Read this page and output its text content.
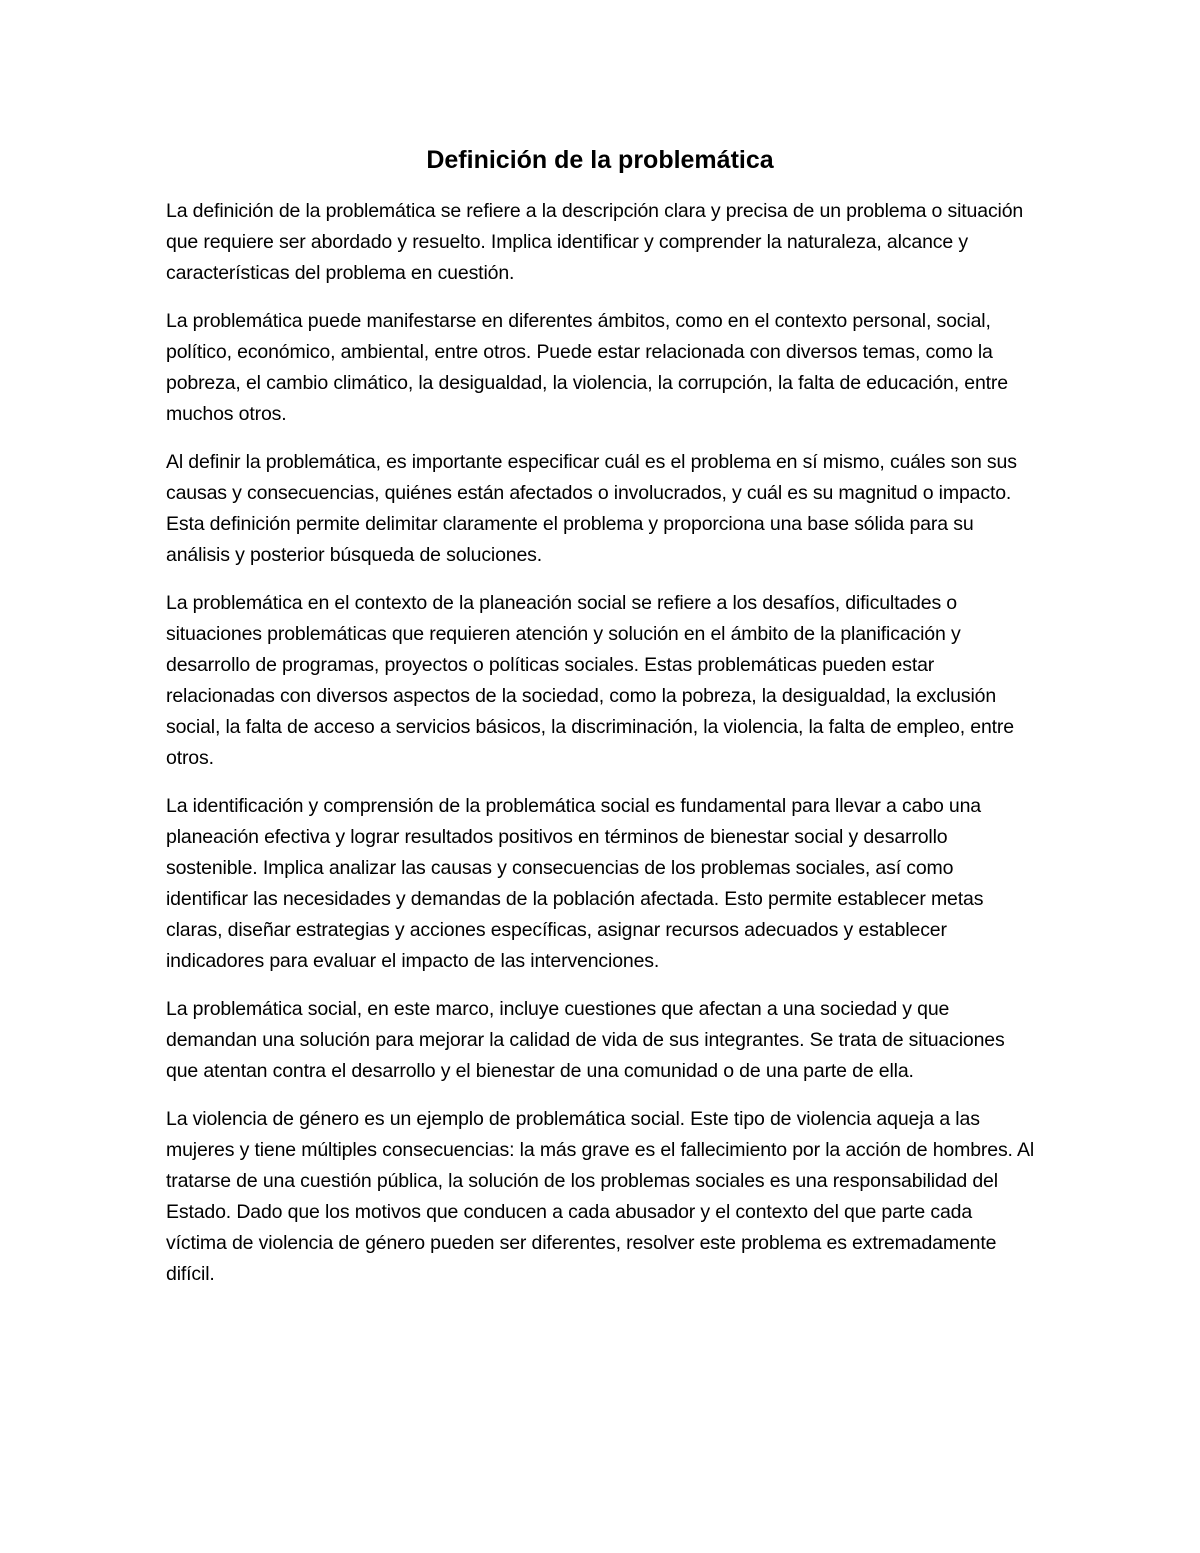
Definición de la problemática

La definición de la problemática se refiere a la descripción clara y precisa de un problema o situación que requiere ser abordado y resuelto. Implica identificar y comprender la naturaleza, alcance y características del problema en cuestión.

La problemática puede manifestarse en diferentes ámbitos, como en el contexto personal, social, político, económico, ambiental, entre otros. Puede estar relacionada con diversos temas, como la pobreza, el cambio climático, la desigualdad, la violencia, la corrupción, la falta de educación, entre muchos otros.

Al definir la problemática, es importante especificar cuál es el problema en sí mismo, cuáles son sus causas y consecuencias, quiénes están afectados o involucrados, y cuál es su magnitud o impacto. Esta definición permite delimitar claramente el problema y proporciona una base sólida para su análisis y posterior búsqueda de soluciones.

La problemática en el contexto de la planeación social se refiere a los desafíos, dificultades o situaciones problemáticas que requieren atención y solución en el ámbito de la planificación y desarrollo de programas, proyectos o políticas sociales. Estas problemáticas pueden estar relacionadas con diversos aspectos de la sociedad, como la pobreza, la desigualdad, la exclusión social, la falta de acceso a servicios básicos, la discriminación, la violencia, la falta de empleo, entre otros.

La identificación y comprensión de la problemática social es fundamental para llevar a cabo una planeación efectiva y lograr resultados positivos en términos de bienestar social y desarrollo sostenible. Implica analizar las causas y consecuencias de los problemas sociales, así como identificar las necesidades y demandas de la población afectada. Esto permite establecer metas claras, diseñar estrategias y acciones específicas, asignar recursos adecuados y establecer indicadores para evaluar el impacto de las intervenciones.

La problemática social, en este marco, incluye cuestiones que afectan a una sociedad y que demandan una solución para mejorar la calidad de vida de sus integrantes. Se trata de situaciones que atentan contra el desarrollo y el bienestar de una comunidad o de una parte de ella.

La violencia de género es un ejemplo de problemática social. Este tipo de violencia aqueja a las mujeres y tiene múltiples consecuencias: la más grave es el fallecimiento por la acción de hombres. Al tratarse de una cuestión pública, la solución de los problemas sociales es una responsabilidad del Estado. Dado que los motivos que conducen a cada abusador y el contexto del que parte cada víctima de violencia de género pueden ser diferentes, resolver este problema es extremadamente difícil.
